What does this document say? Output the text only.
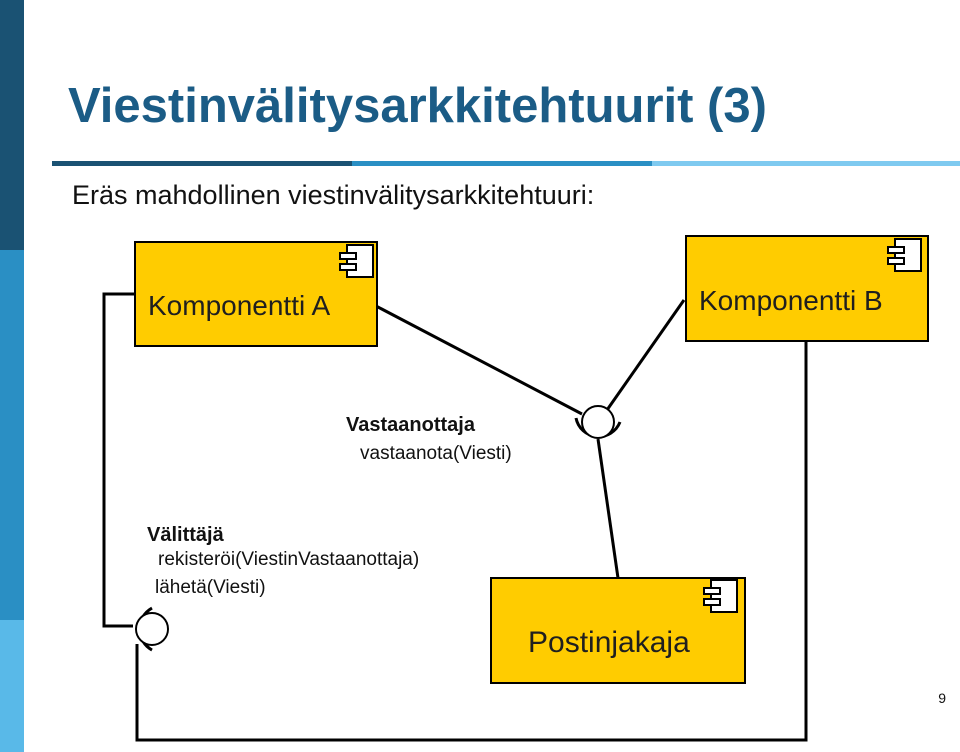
Viestinvälitysarkkitehtuurit (3)
Eräs mahdollinen viestinvälitysarkkitehtuuri:
Komponentti A	Komponentti B
Postinjakaja
Vastaanottaja
vastaanota(Viesti)
Välittäjä
rekisteröi(ViestinVastaanottaja)
lähetä(Viesti)
9
